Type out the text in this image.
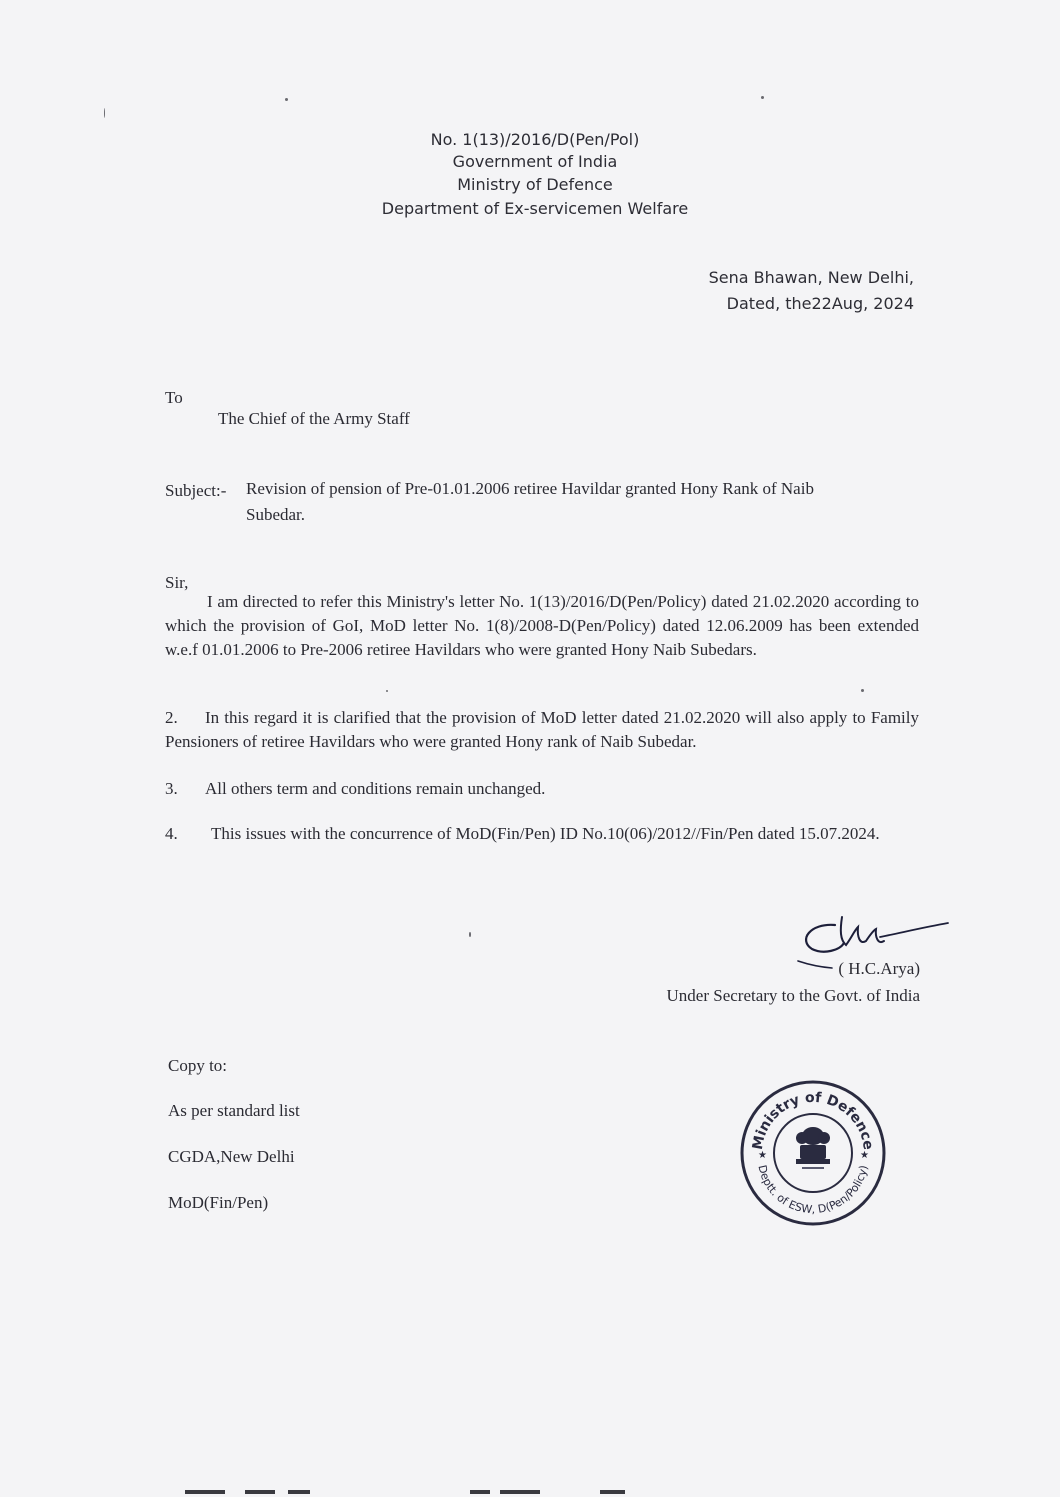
No. 1(13)/2016/D(Pen/Pol)
Government of India
Ministry of Defence
Department of Ex-servicemen Welfare
Sena Bhawan, New Delhi,
Dated, the22Aug, 2024
To
The Chief of the Army Staff
Subject:- Revision of pension of Pre-01.01.2006 retiree Havildar granted Hony Rank of Naib
Subedar.
Sir,
I am directed to refer this Ministry's letter No. 1(13)/2016/D(Pen/Policy) dated 21.02.2020 according to which the provision of GoI, MoD letter No. 1(8)/2008-D(Pen/Policy) dated 12.06.2009 has been extended w.e.f 01.01.2006 to Pre-2006 retiree Havildars who were granted Hony Naib Subedars.
2. In this regard it is clarified that the provision of MoD letter dated 21.02.2020 will also apply to Family Pensioners of retiree Havildars who were granted Hony rank of Naib Subedar.
3. All others term and conditions remain unchanged.
4. This issues with the concurrence of MoD(Fin/Pen) ID No.10(06)/2012//Fin/Pen dated 15.07.2024.
( H.C.Arya)
Under Secretary to the Govt. of India
Copy to:
As per standard list
CGDA,New Delhi
MoD(Fin/Pen)
Ministry of Defence
Deptt. of ESW, D(Pen/Policy)
★	★
